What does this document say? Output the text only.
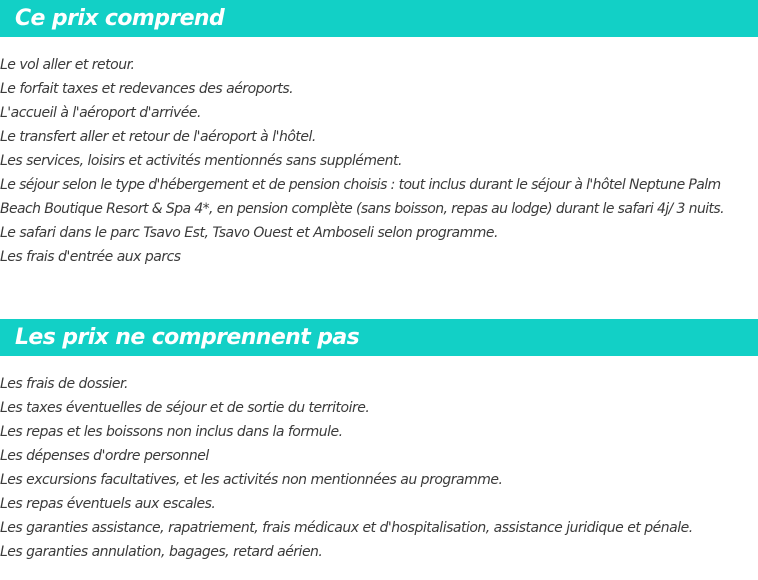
Ce prix comprend
Le vol aller et retour.
Le forfait taxes et redevances des aéroports.
L'accueil à l'aéroport d'arrivée.
Le transfert aller et retour de l'aéroport à l'hôtel.
Les services, loisirs et activités mentionnés sans supplément.
Le séjour selon le type d'hébergement et de pension choisis : tout inclus durant le séjour à l'hôtel Neptune Palm Beach Boutique Resort & Spa 4*, en pension complète (sans boisson, repas au lodge) durant le safari 4j/ 3 nuits.
Le safari dans le parc Tsavo Est, Tsavo Ouest et Amboseli selon programme.
Les frais d'entrée aux parcs
Les prix ne comprennent pas
Les frais de dossier.
Les taxes éventuelles de séjour et de sortie du territoire.
Les repas et les boissons non inclus dans la formule.
Les dépenses d'ordre personnel
Les excursions facultatives, et les activités non mentionnées au programme.
Les repas éventuels aux escales.
Les garanties assistance, rapatriement, frais médicaux et d'hospitalisation, assistance juridique et pénale.
Les garanties annulation, bagages, retard aérien.
